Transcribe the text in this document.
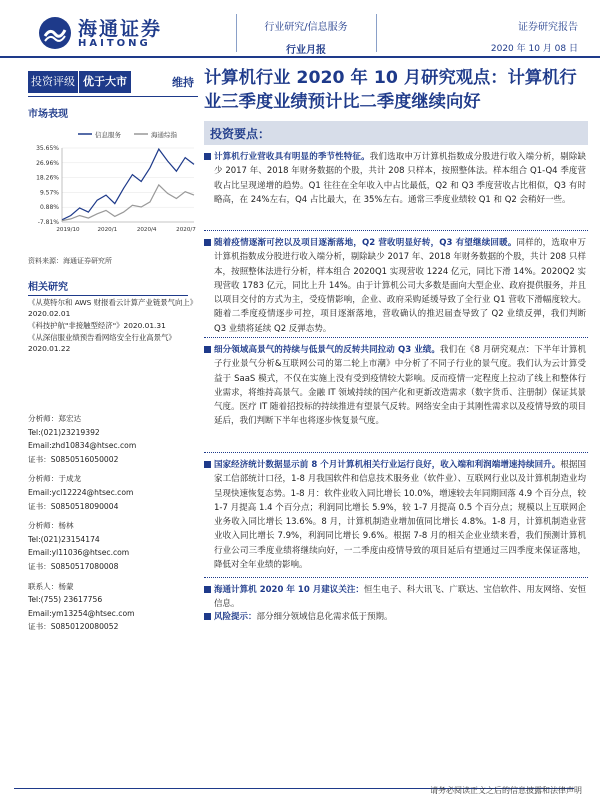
海通证券
HAITONG
行业研究/信息服务
行业月报
证券研究报告
2020 年 10 月 08 日
投资评级 优于大市	维持
市场表现
信息服务	海通综指
35.65%
26.96%
18.26%
9.57%
0.88%
-7.81%
2019/10	2020/1	2020/4	2020/7
资料来源：海通证券研究所
相关研究
《从莫特尔和 AWS 财报看云计算产业链景气向上》2020.02.01
《科技护航"非接触型经济"》2020.01.31
《从深信服业绩预告看网络安全行业高景气》2020.01.22
分析师：郑宏达
Tel:(021)23219392
Email:zhd10834@htsec.com
证书：S0850516050002
分析师：于成龙
Email:ycl12224@htsec.com
证书：S0850518090004
分析师：杨林
Tel:(021)23154174
Email:yl11036@htsec.com
证书：S0850517080008
联系人：杨蒙
Tel:(755) 23617756
Email:ym13254@htsec.com
证书：S0850120080052
计算机行业 2020 年 10 月研究观点：计算机行业三季度业绩预计比二季度继续向好
投资要点：
计算机行业营收具有明显的季节性特征。我们选取申万计算机指数成分股进行收入端分析，剔除缺少 2017 年、2018 年财务数据的个股，共计 208 只样本，按照整体法。样本组合 Q1-Q4 季度营收占比呈现递增的趋势。Q1 往往在全年收入中占比最低，Q2 和 Q3 季度营收占比相似，Q3 有时略高，在 24%左右，Q4 占比最大，在 35%左右。通常三季度业绩较 Q1 和 Q2 会稍好一些。
随着疫情逐渐可控以及项目逐渐落地，Q2 营收明显好转，Q3 有望继续回暖。同样的，选取申万计算机指数成分股进行收入端分析，剔除缺少 2017 年、2018 年财务数据的个股，共计 208 只样本，按照整体法进行分析，样本组合 2020Q1 实现营收 1224 亿元，同比下滑 14%。2020Q2 实现营收 1783 亿元，同比上升 14%。由于计算机公司大多数是面向大型企业、政府提供服务，并且以项目交付的方式为主，受疫情影响，企业、政府采购延缓导致了全行业 Q1 营收下滑幅度较大。随着二季度疫情逐步可控，项目逐渐落地，营收确认的推迟届查导致了 Q2 业绩反弹，我们判断 Q3 业绩将延续 Q2 反弹态势。
细分领域高景气的持续与低景气的反转共同拉动 Q3 业绩。我们在《8 月研究观点：下半年计算机子行业景气分析&互联网公司的第二轮上市潮》中分析了不同子行业的景气度。我们认为云计算受益于 SaaS 模式，不仅在实施上没有受到疫情较大影响。反而疫情一定程度上拉动了线上和整体行业需求，将维持高景气。金融 IT 领域持续的国产化和更新改造需求（数字货币、注册制）保证其景气度。医疗 IT 随着招投标的持续推进有望景气反转。网络安全由于其刚性需求以及疫情导致的项目延后，我们判断下半年也将逐步恢复景气度。
国家经济统计数据显示前 8 个月计算机相关行业运行良好，收入端和利润端增速持续回升。根据国家工信部统计口径，1-8 月我国软件和信息技术服务业（软件业）、互联网行业以及计算机制造业均呈现快速恢复态势。1-8 月：软件业收入同比增长 10.0%，增速较去年同期回落 4.9 个百分点，较 1-7 月提高 1.4 个百分点；利润同比增长 5.9%，较 1-7 月提高 0.5 个百分点；规模以上互联网企业务收入同比增长 13.6%。8 月，计算机制造业增加值同比增长 4.8%。1-8 月，计算机制造业营业收入同比增长 7.9%，利润同比增长 9.6%。根据 7-8 月的相关企业业绩来看，我们预测计算机行业公司三季度业绩将继续向好，一二季度由疫情导致的项目延后有望通过三四季度来保证落地，降低对全年业绩的影响。
海通计算机 2020 年 10 月建议关注：恒生电子、科大讯飞、广联达、宝信软件、用友网络、安恒信息。
风险提示：部分细分领域信息化需求低于预期。
请务必阅读正文之后的信息披露和法律声明
